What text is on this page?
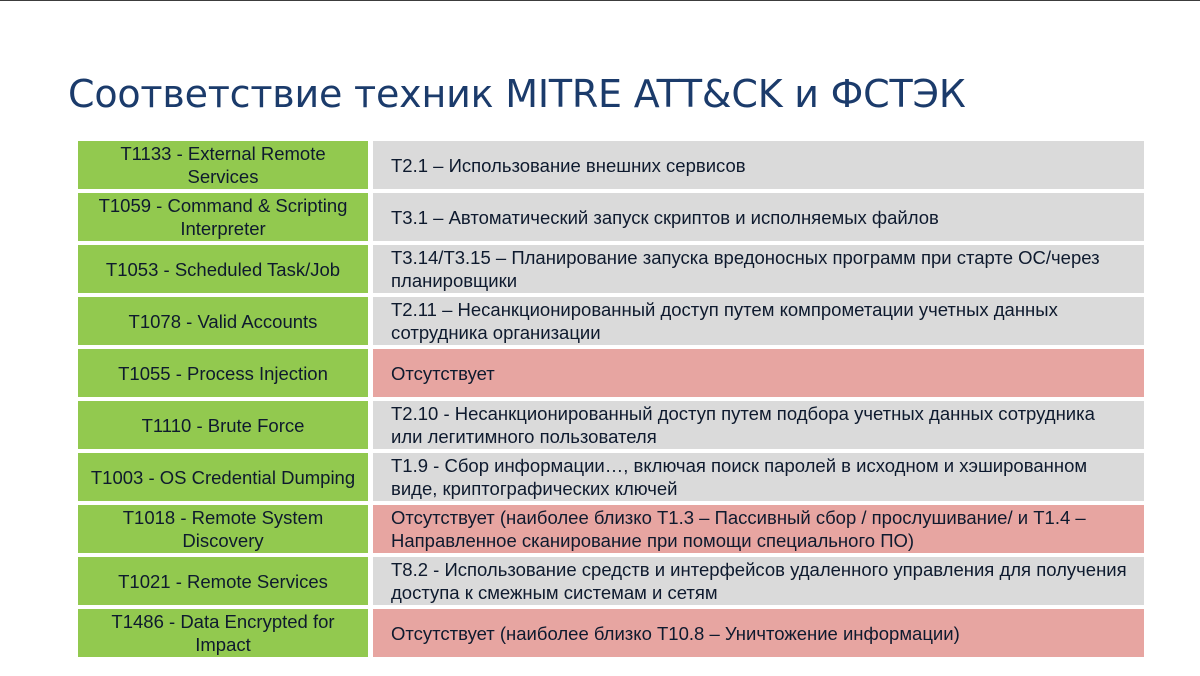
Соответствие техник MITRE ATT&CK и ФСТЭК
T1133 - External Remote Services
Т2.1 – Использование внешних сервисов
T1059 - Command & Scripting Interpreter
Т3.1 – Автоматический запуск скриптов и исполняемых файлов
T1053 - Scheduled Task/Job
Т3.14/Т3.15 – Планирование запуска вредоносных программ при старте ОС/через планировщики
T1078 - Valid Accounts
Т2.11 – Несанкционированный доступ путем компрометации учетных данных сотрудника организации
T1055 - Process Injection	Отсутствует
T1110 - Brute Force
Т2.10 - Несанкционированный доступ путем подбора учетных данных сотрудника или легитимного пользователя
T1003 - OS Credential Dumping
Т1.9 - Сбор информации…, включая поиск паролей в исходном и хэшированном виде, криптографических ключей
T1018 - Remote System Discovery
Отсутствует (наиболее близко Т1.3 – Пассивный сбор / прослушивание/ и Т1.4 – Направленное сканирование при помощи специального ПО)
T1021 - Remote Services
Т8.2 - Использование средств и интерфейсов удаленного управления для получения доступа к смежным системам и сетям
T1486 - Data Encrypted for Impact
Отсутствует (наиболее близко Т10.8 – Уничтожение информации)
